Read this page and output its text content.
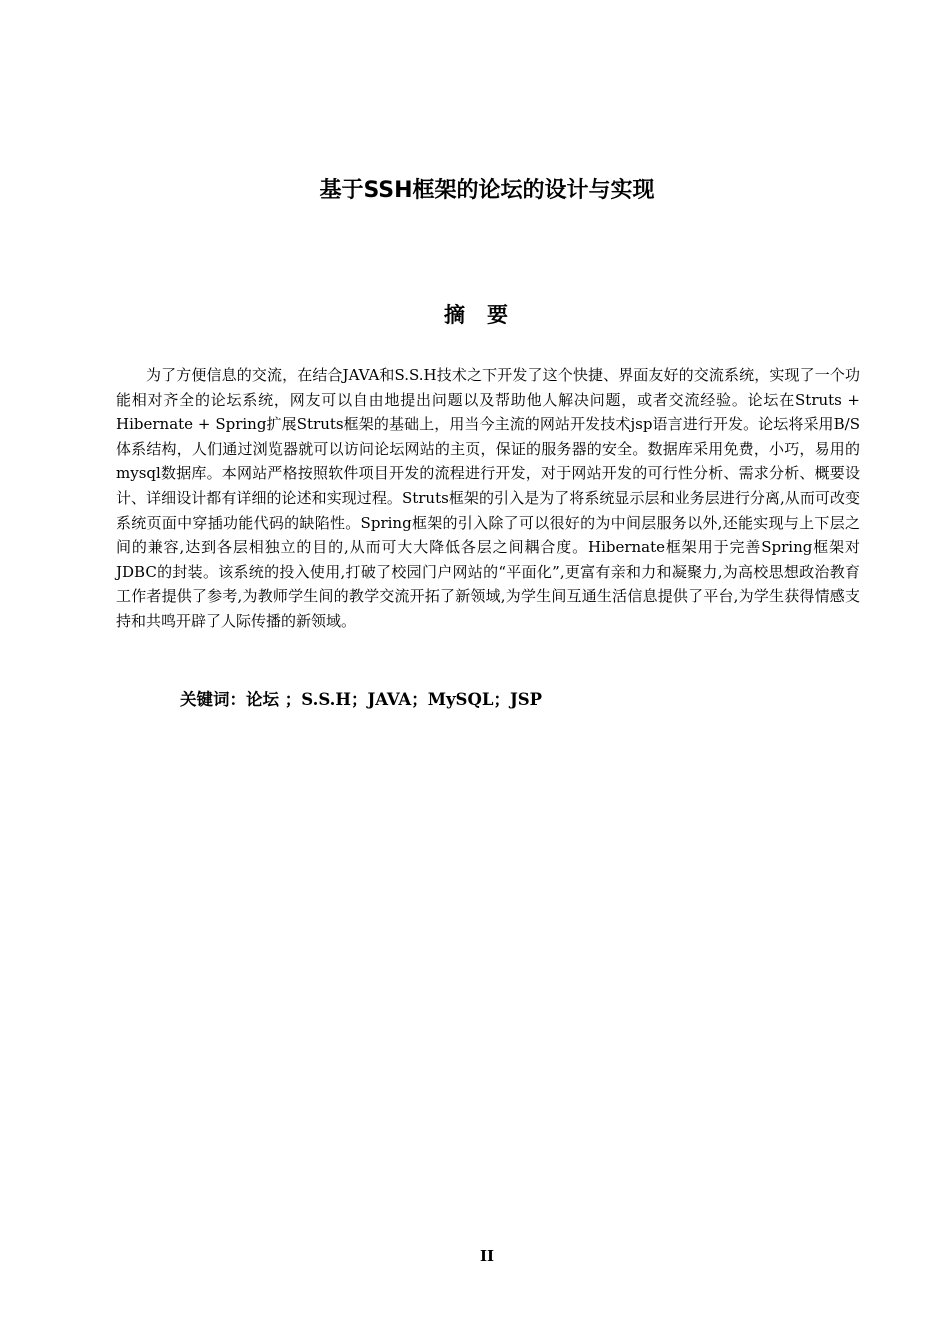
基于SSH框架的论坛的设计与实现
摘要

为了方便信息的交流，在结合JAVA和S.S.H技术之下开发了这个快捷、界面友好的交流系统，实现了一个功能相对齐全的论坛系统，网友可以自由地提出问题以及帮助他人解决问题，或者交流经验。论坛在Struts + Hibernate + Spring扩展Struts框架的基础上，用当今主流的网站开发技术jsp语言进行开发。论坛将采用B/S体系结构，人们通过浏览器就可以访问论坛网站的主页，保证的服务器的安全。数据库采用免费，小巧，易用的mysql数据库。本网站严格按照软件项目开发的流程进行开发，对于网站开发的可行性分析、需求分析、概要设计、详细设计都有详细的论述和实现过程。Struts框架的引入是为了将系统显示层和业务层进行分离,从而可改变系统页面中穿插功能代码的缺陷性。Spring框架的引入除了可以很好的为中间层服务以外,还能实现与上下层之间的兼容,达到各层相独立的目的,从而可大大降低各层之间耦合度。Hibernate框架用于完善Spring框架对JDBC的封装。该系统的投入使用,打破了校园门户网站的“平面化”,更富有亲和力和凝聚力,为高校思想政治教育工作者提供了参考,为教师学生间的教学交流开拓了新领域,为学生间互通生活信息提供了平台,为学生获得情感支持和共鸣开辟了人际传播的新领域。

关键词：论坛 ；S.S.H；JAVA；MySQL；JSP

II
